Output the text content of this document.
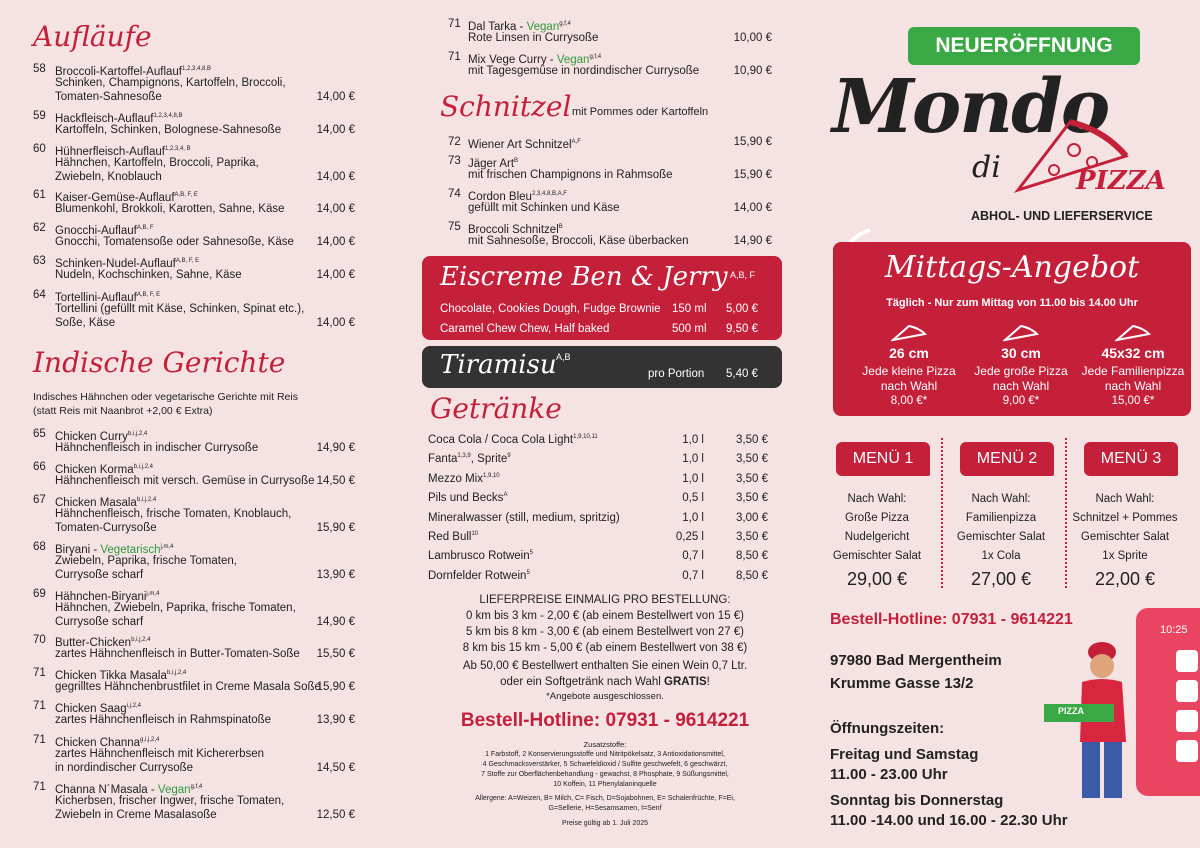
Aufläufe
58 Broccoli-Kartoffel-Auflauf$^{1,2,3,4,8,B}$
Schinken, Champignons, Kartoffeln, Broccoli,
Tomaten-Sahnesoße	14,00 €
59 Hackfleisch-Auflauf$^{1,2,3,4,8,B}$
Kartoffeln, Schinken, Bolognese-Sahnesoße	14,00 €
60 Hühnerfleisch-Auflauf$^{1,2,3,4, B}$
Hähnchen, Kartoffeln, Broccoli, Paprika,
Zwiebeln, Knoblauch	14,00 €
61 Kaiser-Gemüse-Auflauf$^{A,B, F, E}$
Blumenkohl, Brokkoli, Karotten, Sahne, Käse	14,00 €
62 Gnocchi-Auflauf$^{A,B, F}$
Gnocchi, Tomatensoße oder Sahnesoße, Käse	14,00 €
63 Schinken-Nudel-Auflauf$^{A,B, F, E}$
Nudeln, Kochschinken, Sahne, Käse	14,00 €
64 Tortellini-Auflauf$^{A,B, F, E}$
Tortellini (gefüllt mit Käse, Schinken, Spinat etc.),
Soße, Käse	14,00 €
Indische Gerichte
Indisches Hähnchen oder vegetarische Gerichte mit Reis
(statt Reis mit Naanbrot +2,00 € Extra)
65 Chicken Curry$^{b,i,j,2,4}$
Hähnchenfleisch in indischer Currysoße	14,90 €
66 Chicken Korma$^{b,i,j,2,4}$
Hähnchenfleisch mit versch. Gemüse in Currysoße 14,50 €
67 Chicken Masala$^{b,i,j,2,4}$
Hähnchenfleisch, frische Tomaten, Knoblauch,
Tomaten-Currysoße	15,90 €
68 Biryani - Vegetarisch$^{j,m,4}$
Zwiebeln, Paprika, frische Tomaten,
Currysoße scharf	13,90 €
69 Hähnchen-Biryani$^{j,m,4}$
Hähnchen, Zwiebeln, Paprika, frische Tomaten,
Currysoße scharf	14,90 €
70 Butter-Chicken$^{b,i,j,2,4}$
zartes Hähnchenfleisch in Butter-Tomaten-Soße	15,50 €
71 Chicken Tikka Masala$^{b,i,j,2,4}$
gegrilltes Hähnchenbrustfilet in Creme Masala Soße
15,90 €
71 Chicken Saag$^{i,j,2,4}$
zartes Hähnchenfleisch in Rahmspinatoße	13,90 €
71 Chicken Channa$^{g,i,j,2,4}$
zartes Hähnchenfleisch mit Kichererbsen
in nordindischer Currysoße	14,50 €
71 Channa N´Masala - Vegan$^{g,f,4}$
Kicherbsen, frischer Ingwer, frische Tomaten,
Zwiebeln in Creme Masalasoße	12,50 €
71 Dal Tarka - Vegan$^{g,f,4}$
Rote Linsen in Currysoße	10,00 €
71 Mix Vege Curry - Vegan$^{g,f,4}$
mit Tagesgemüse in nordindischer Currysoße	10,90 €
Schnitzel mit Pommes oder Kartoffeln
72 Wiener Art Schnitzel$^{A,F}$	15,90 €
73 Jäger Art$^B$
mit frischen Champignons in Rahmsoße	15,90 €
74 Cordon Bleu$^{2,3,4,8,B,A,F}$
gefüllt mit Schinken und Käse	14,00 €
75 Broccoli Schnitzel$^B$
mit Sahnesoße, Broccoli, Käse überbacken	14,90 €
Eiscreme Ben & Jerry A,B, F
Chocolate, Cookies Dough, Fudge Brownie 150 ml 5,00 €
Caramel Chew Chew, Half baked	500 ml 9,50 €
Tiramisu A,B
pro Portion 5,40 €
Getränke
Coca Cola / Coca Cola Light$^{1,9,10,11}$	1,0 l	3,50 €
Fanta$^{1,3,9}$, Sprite$^9$	1,0 l	3,50 €
Mezzo Mix$^{1,9,10}$	1,0 l	3,50 €
Pils und Becks$^A$	0,5 l	3,50 €
Mineralwasser (still, medium, spritzig)	1,0 l	3,00 €
Red Bull$^{10}$	0,25 l	3,50 €
Lambrusco Rotwein$^5$	0,7 l	8,50 €
Dornfelder Rotwein$^5$	0,7 l	8,50 €
LIEFERPREISE EINMALIG PRO BESTELLUNG:
0 km bis 3 km - 2,00 € (ab einem Bestellwert von 15 €)
5 km bis 8 km - 3,00 € (ab einem Bestellwert von 27 €)
8 km bis 15 km - 5,00 € (ab einem Bestellwert von 38 €)
Ab 50,00 € Bestellwert enthalten Sie einen Wein 0,7 Ltr.
oder ein Softgetränk nach Wahl GRATIS!
*Angebote ausgeschlossen.
Bestell-Hotline: 07931 - 9614221
Zusatzstoffe:
1 Farbstoff, 2 Konservierungsstoffe und Nitritpökelsatz, 3 Antioxidationsmittel,
4 Geschmacksverstärker, 5 Schwefeldioxid / Sulfite geschwefelt, 6 geschwärzt,
7 Stoffe zur Oberflächenbehandlung - gewachst, 8 Phosphate, 9 Süßungsmittel,
10 Koffein, 11 Phenylalaninquelle
Allergene: A=Weizen, B= Milch, C= Fisch, D=Sojabohnen, E= Schalenfrüchte, F=Ei,
G=Sellerie, H=Sesamsamen, I=Senf
Preise gültig ab 1. Juli 2025
NEUERÖFFNUNG
Mondo
di	PIZZA
ABHOL- UND LIEFERSERVICE
Mittags-Angebot
Täglich - Nur zum Mittag von 11.00 bis 14.00 Uhr
26 cm
Jede kleine Pizza
nach Wahl
8,00 €*
30 cm
Jede große Pizza
nach Wahl
9,00 €*
45x32 cm
Jede Familienpizza
nach Wahl
15,00 €*
MENÜ 1
Nach Wahl:
Große Pizza
Nudelgericht
Gemischter Salat
29,00 €
MENÜ 2
Nach Wahl:
Familienpizza
Gemischter Salat
1x Cola
27,00 €
MENÜ 3
Nach Wahl:
Schnitzel + Pommes
Gemischter Salat
1x Sprite
22,00 €
Bestell-Hotline: 07931 - 9614221
97980 Bad Mergentheim
Krumme Gasse 13/2
Öffnungszeiten:
Freitag und Samstag
11.00 - 23.00 Uhr
Sonntag bis Donnerstag
11.00 -14.00 und 16.00 - 22.30 Uhr
10:25
PIZZA
